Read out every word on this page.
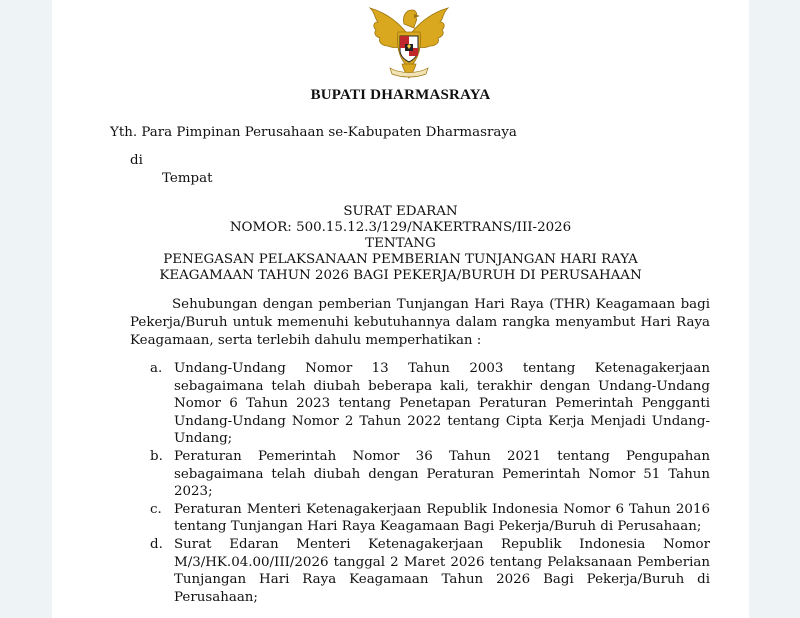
BUPATI DHARMASRAYA
Yth. Para Pimpinan Perusahaan se-Kabupaten Dharmasraya
di
Tempat
SURAT EDARAN
NOMOR: 500.15.12.3/129/NAKERTRANS/III-2026
TENTANG
PENEGASAN PELAKSANAAN PEMBERIAN TUNJANGAN HARI RAYA
KEAGAMAAN TAHUN 2026 BAGI PEKERJA/BURUH DI PERUSAHAAN
Sehubungan dengan pemberian Tunjangan Hari Raya (THR) Keagamaan bagi Pekerja/Buruh untuk memenuhi kebutuhannya dalam rangka menyambut Hari Raya Keagamaan, serta terlebih dahulu memperhatikan :
a. Undang-Undang Nomor 13 Tahun 2003 tentang Ketenagakerjaan sebagaimana telah diubah beberapa kali, terakhir dengan Undang-Undang Nomor 6 Tahun 2023 tentang Penetapan Peraturan Pemerintah Pengganti Undang-Undang Nomor 2 Tahun 2022 tentang Cipta Kerja Menjadi Undang-Undang;
b. Peraturan Pemerintah Nomor 36 Tahun 2021 tentang Pengupahan sebagaimana telah diubah dengan Peraturan Pemerintah Nomor 51 Tahun 2023;
c. Peraturan Menteri Ketenagakerjaan Republik Indonesia Nomor 6 Tahun 2016 tentang Tunjangan Hari Raya Keagamaan Bagi Pekerja/Buruh di Perusahaan;
d. Surat Edaran Menteri Ketenagakerjaan Republik Indonesia Nomor M/3/HK.04.00/III/2026 tanggal 2 Maret 2026 tentang Pelaksanaan Pemberian Tunjangan Hari Raya Keagamaan Tahun 2026 Bagi Pekerja/Buruh di Perusahaan;
